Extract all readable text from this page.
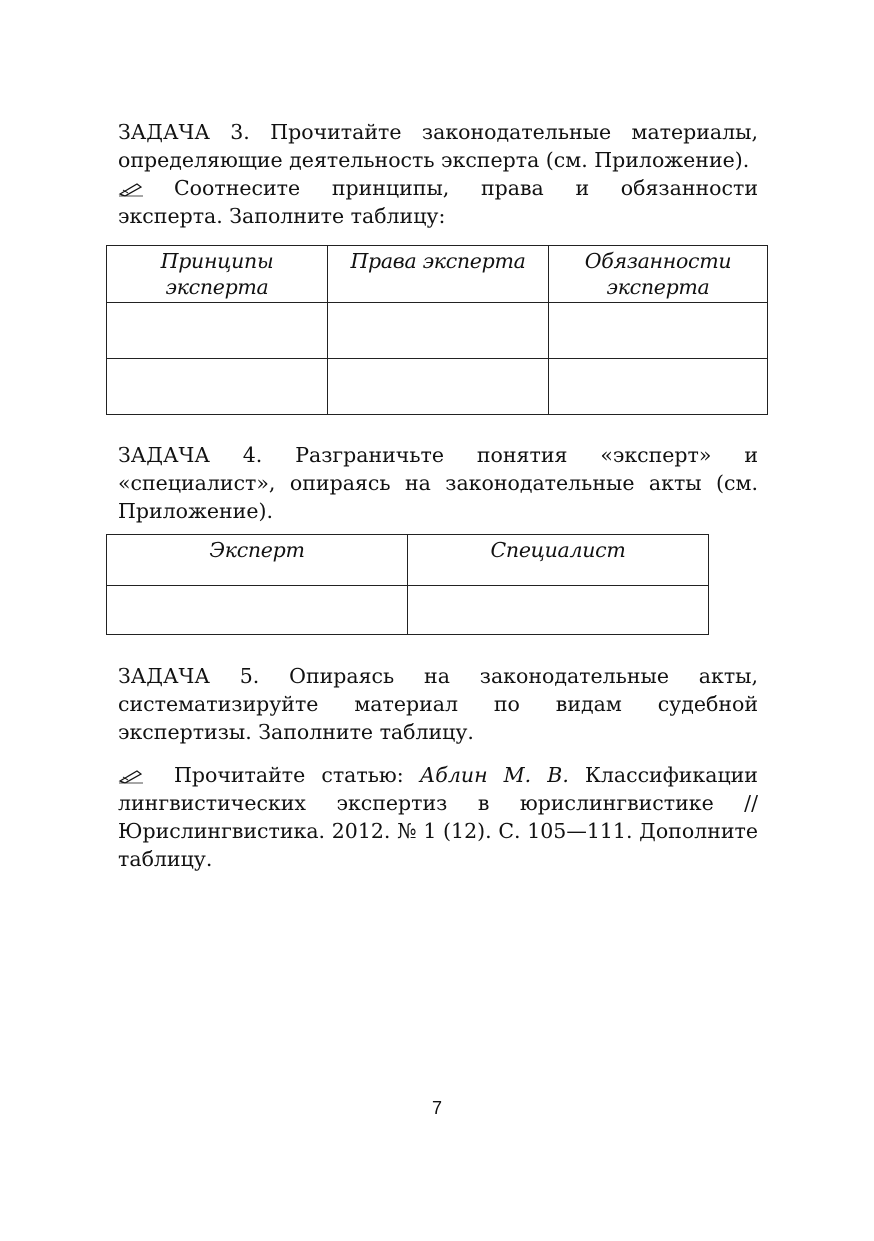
ЗАДАЧА 3. Прочитайте законодательные материалы, определяющие деятельность эксперта (см. Приложение).

Соотнесите принципы, права и обязанности эксперта. Заполните таблицу:

Принципы эксперта	Права эксперта	Обязанности эксперта

ЗАДАЧА 4. Разграничьте понятия «эксперт» и «специалист», опираясь на законодательные акты (см. Приложение).

Эксперт	Специалист

ЗАДАЧА 5. Опираясь на законодательные акты, систематизируйте материал по видам судебной экспертизы. Заполните таблицу.

Прочитайте статью: Аблин М. В. Классификации лингвистических экспертиз в юрислингвистике // Юрислингвистика. 2012. № 1 (12). С. 105—111. Дополните таблицу.

7
